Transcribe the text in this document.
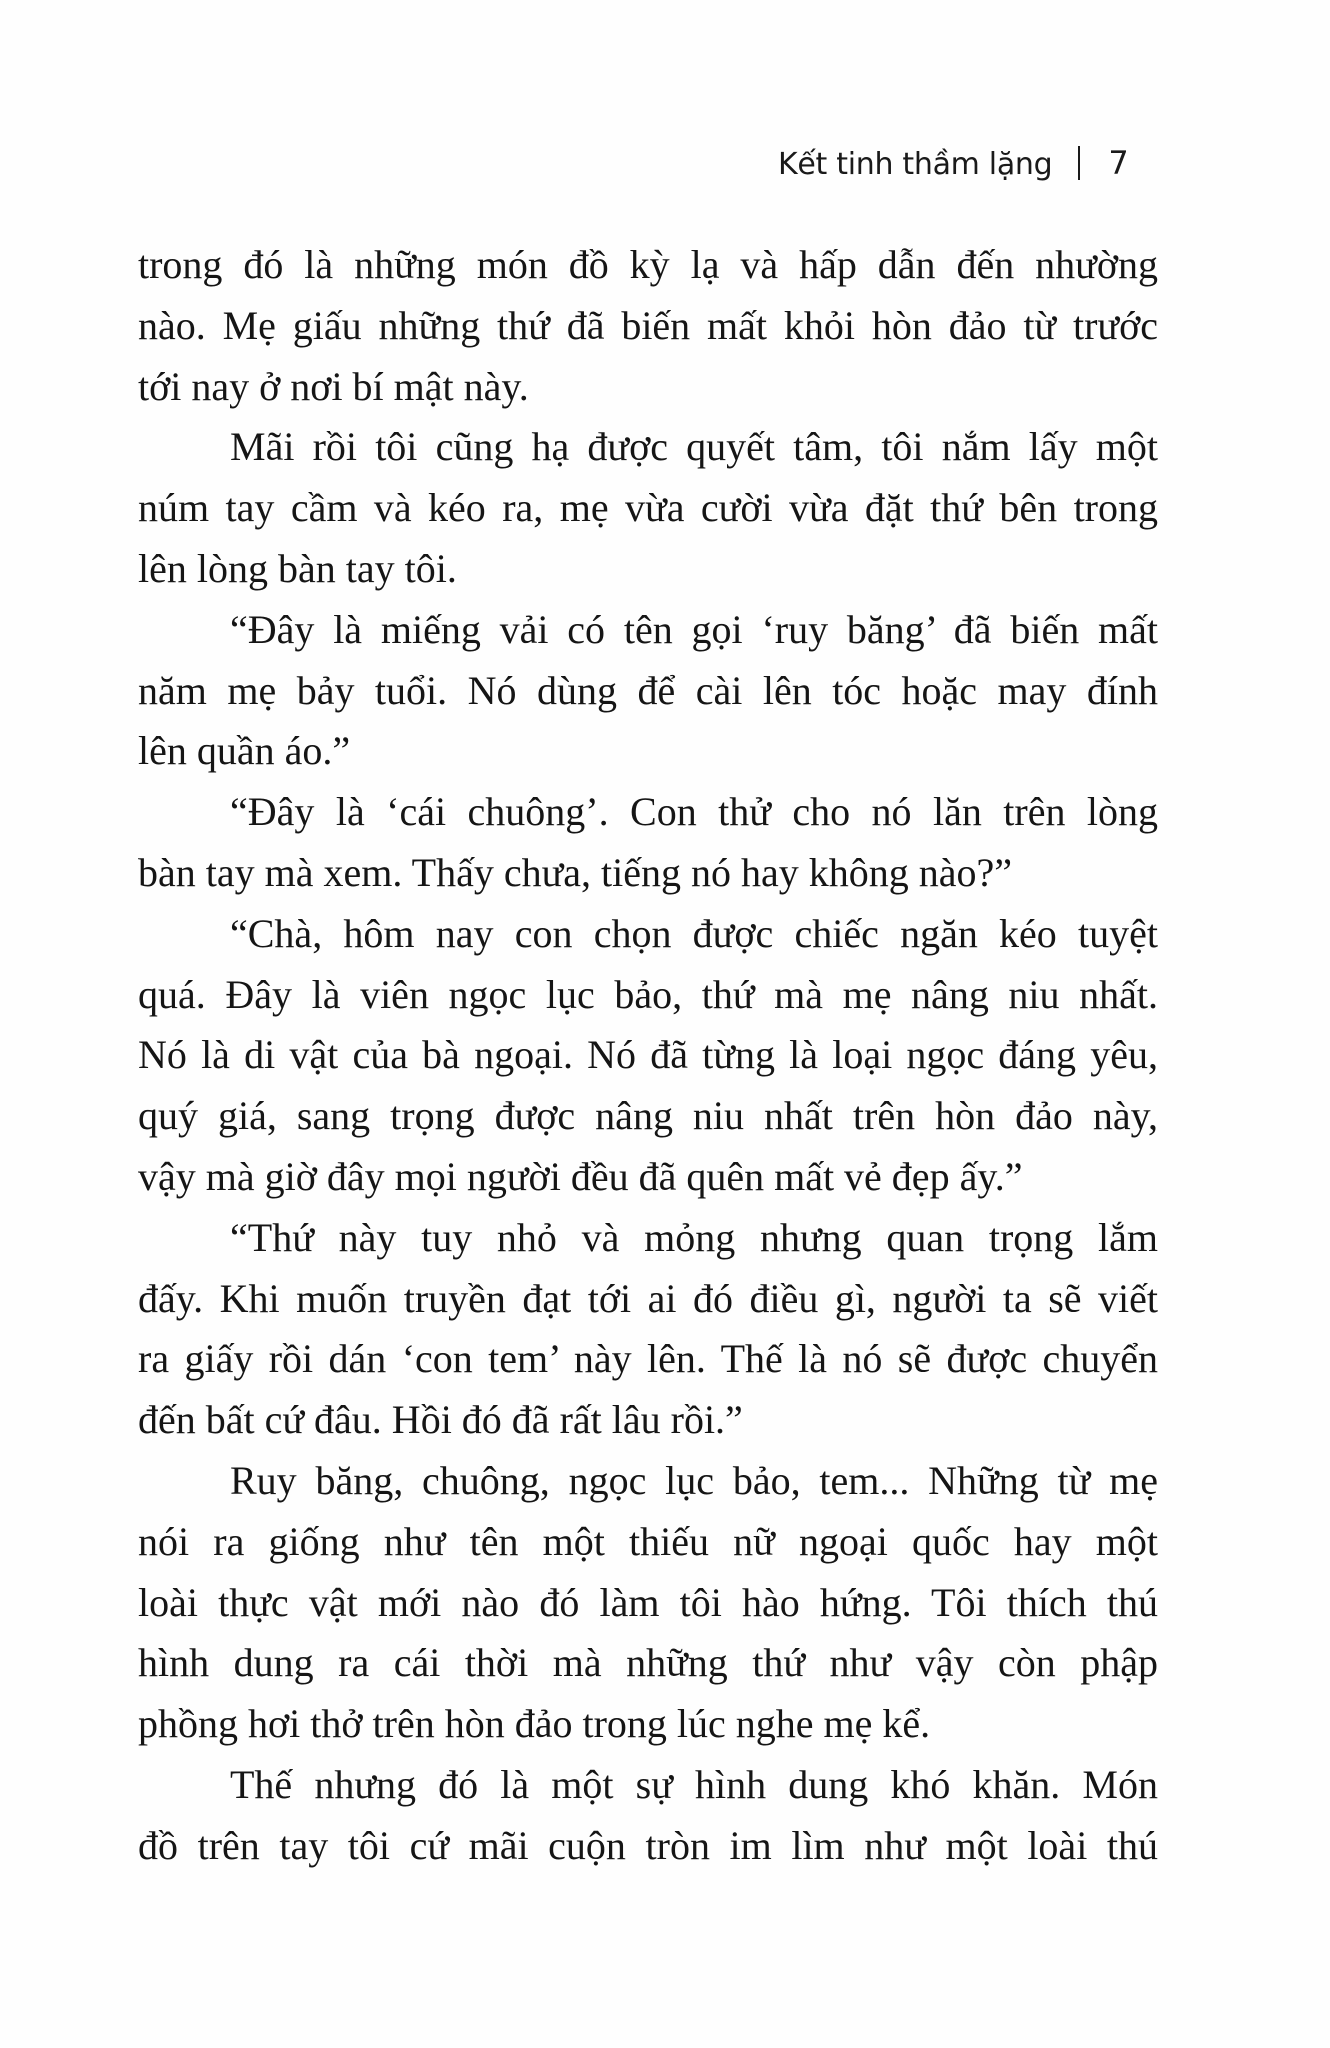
Kết tinh thầm lặng 7
trong đó là những món đồ kỳ lạ và hấp dẫn đến nhường
nào. Mẹ giấu những thứ đã biến mất khỏi hòn đảo từ trước
tới nay ở nơi bí mật này.
Mãi rồi tôi cũng hạ được quyết tâm, tôi nắm lấy một
núm tay cầm và kéo ra, mẹ vừa cười vừa đặt thứ bên trong
lên lòng bàn tay tôi.
“Đây là miếng vải có tên gọi ‘ruy băng’ đã biến mất
năm mẹ bảy tuổi. Nó dùng để cài lên tóc hoặc may đính
lên quần áo.”
“Đây là ‘cái chuông’. Con thử cho nó lăn trên lòng
bàn tay mà xem. Thấy chưa, tiếng nó hay không nào?”
“Chà, hôm nay con chọn được chiếc ngăn kéo tuyệt
quá. Đây là viên ngọc lục bảo, thứ mà mẹ nâng niu nhất.
Nó là di vật của bà ngoại. Nó đã từng là loại ngọc đáng yêu,
quý giá, sang trọng được nâng niu nhất trên hòn đảo này,
vậy mà giờ đây mọi người đều đã quên mất vẻ đẹp ấy.”
“Thứ này tuy nhỏ và mỏng nhưng quan trọng lắm
đấy. Khi muốn truyền đạt tới ai đó điều gì, người ta sẽ viết
ra giấy rồi dán ‘con tem’ này lên. Thế là nó sẽ được chuyển
đến bất cứ đâu. Hồi đó đã rất lâu rồi.”
Ruy băng, chuông, ngọc lục bảo, tem... Những từ mẹ
nói ra giống như tên một thiếu nữ ngoại quốc hay một
loài thực vật mới nào đó làm tôi hào hứng. Tôi thích thú
hình dung ra cái thời mà những thứ như vậy còn phập
phồng hơi thở trên hòn đảo trong lúc nghe mẹ kể.
Thế nhưng đó là một sự hình dung khó khăn. Món
đồ trên tay tôi cứ mãi cuộn tròn im lìm như một loài thú
